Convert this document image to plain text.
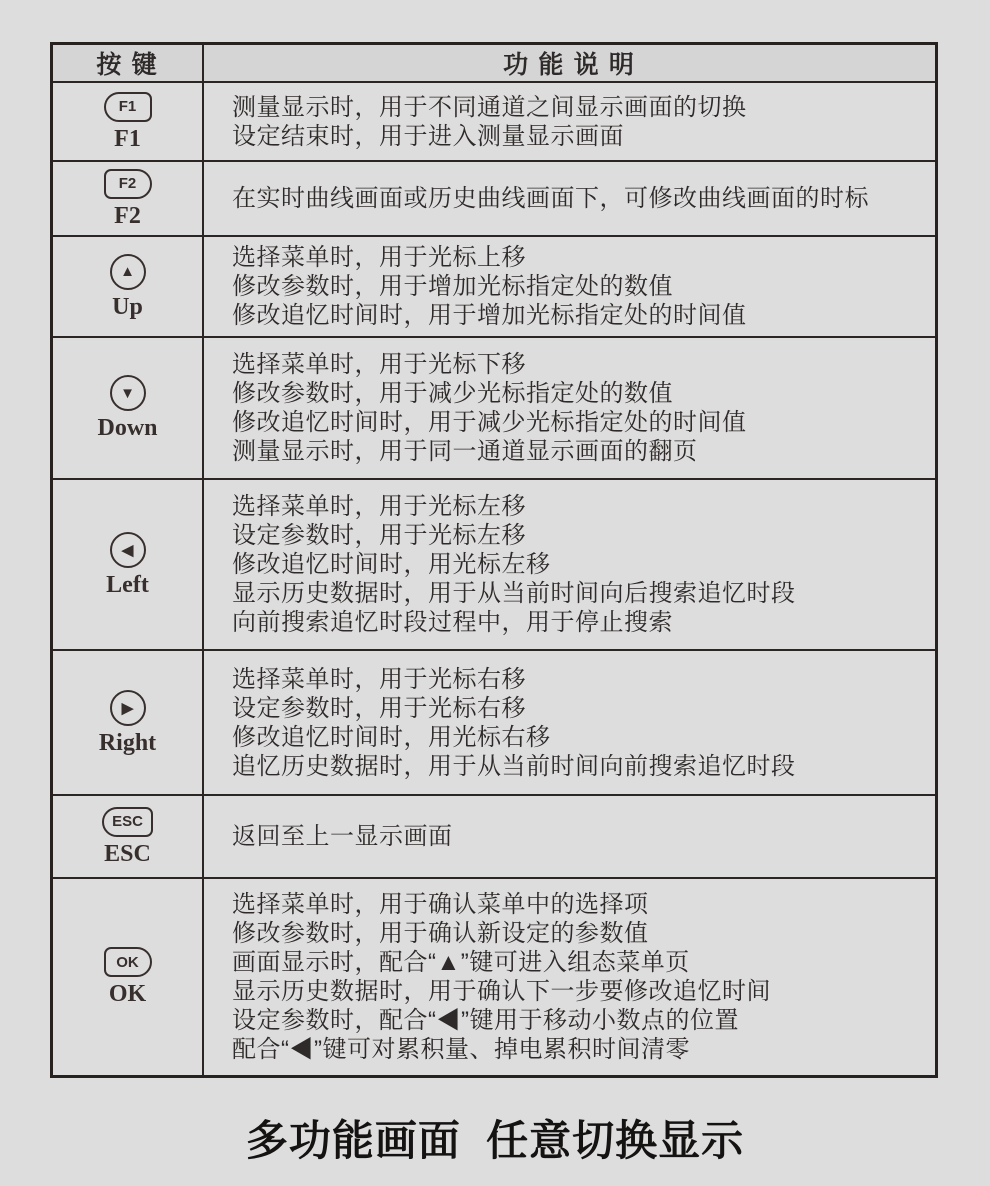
按 键	功 能 说 明
F1
F1
测量显示时，用于不同通道之间显示画面的切换
设定结束时，用于进入测量显示画面
F2
F2
在实时曲线画面或历史曲线画面下，可修改曲线画面的时标
▲
Up
选择菜单时，用于光标上移
修改参数时，用于增加光标指定处的数值
修改追忆时间时，用于增加光标指定处的时间值
▼
Down
选择菜单时，用于光标下移
修改参数时，用于减少光标指定处的数值
修改追忆时间时，用于减少光标指定处的时间值
测量显示时，用于同一通道显示画面的翻页
◀
Left
选择菜单时，用于光标左移
设定参数时，用于光标左移
修改追忆时间时，用光标左移
显示历史数据时，用于从当前时间向后搜索追忆时段
向前搜索追忆时段过程中，用于停止搜索
▶
Right
选择菜单时，用于光标右移
设定参数时，用于光标右移
修改追忆时间时，用光标右移
追忆历史数据时，用于从当前时间向前搜索追忆时段
ESC
ESC
返回至上一显示画面
OK
OK
选择菜单时，用于确认菜单中的选择项
修改参数时，用于确认新设定的参数值
画面显示时，配合“▲”键可进入组态菜单页
显示历史数据时，用于确认下一步要修改追忆时间
设定参数时，配合“◀”键用于移动小数点的位置
配合“◀”键可对累积量、掉电累积时间清零
多功能画面  任意切换显示
